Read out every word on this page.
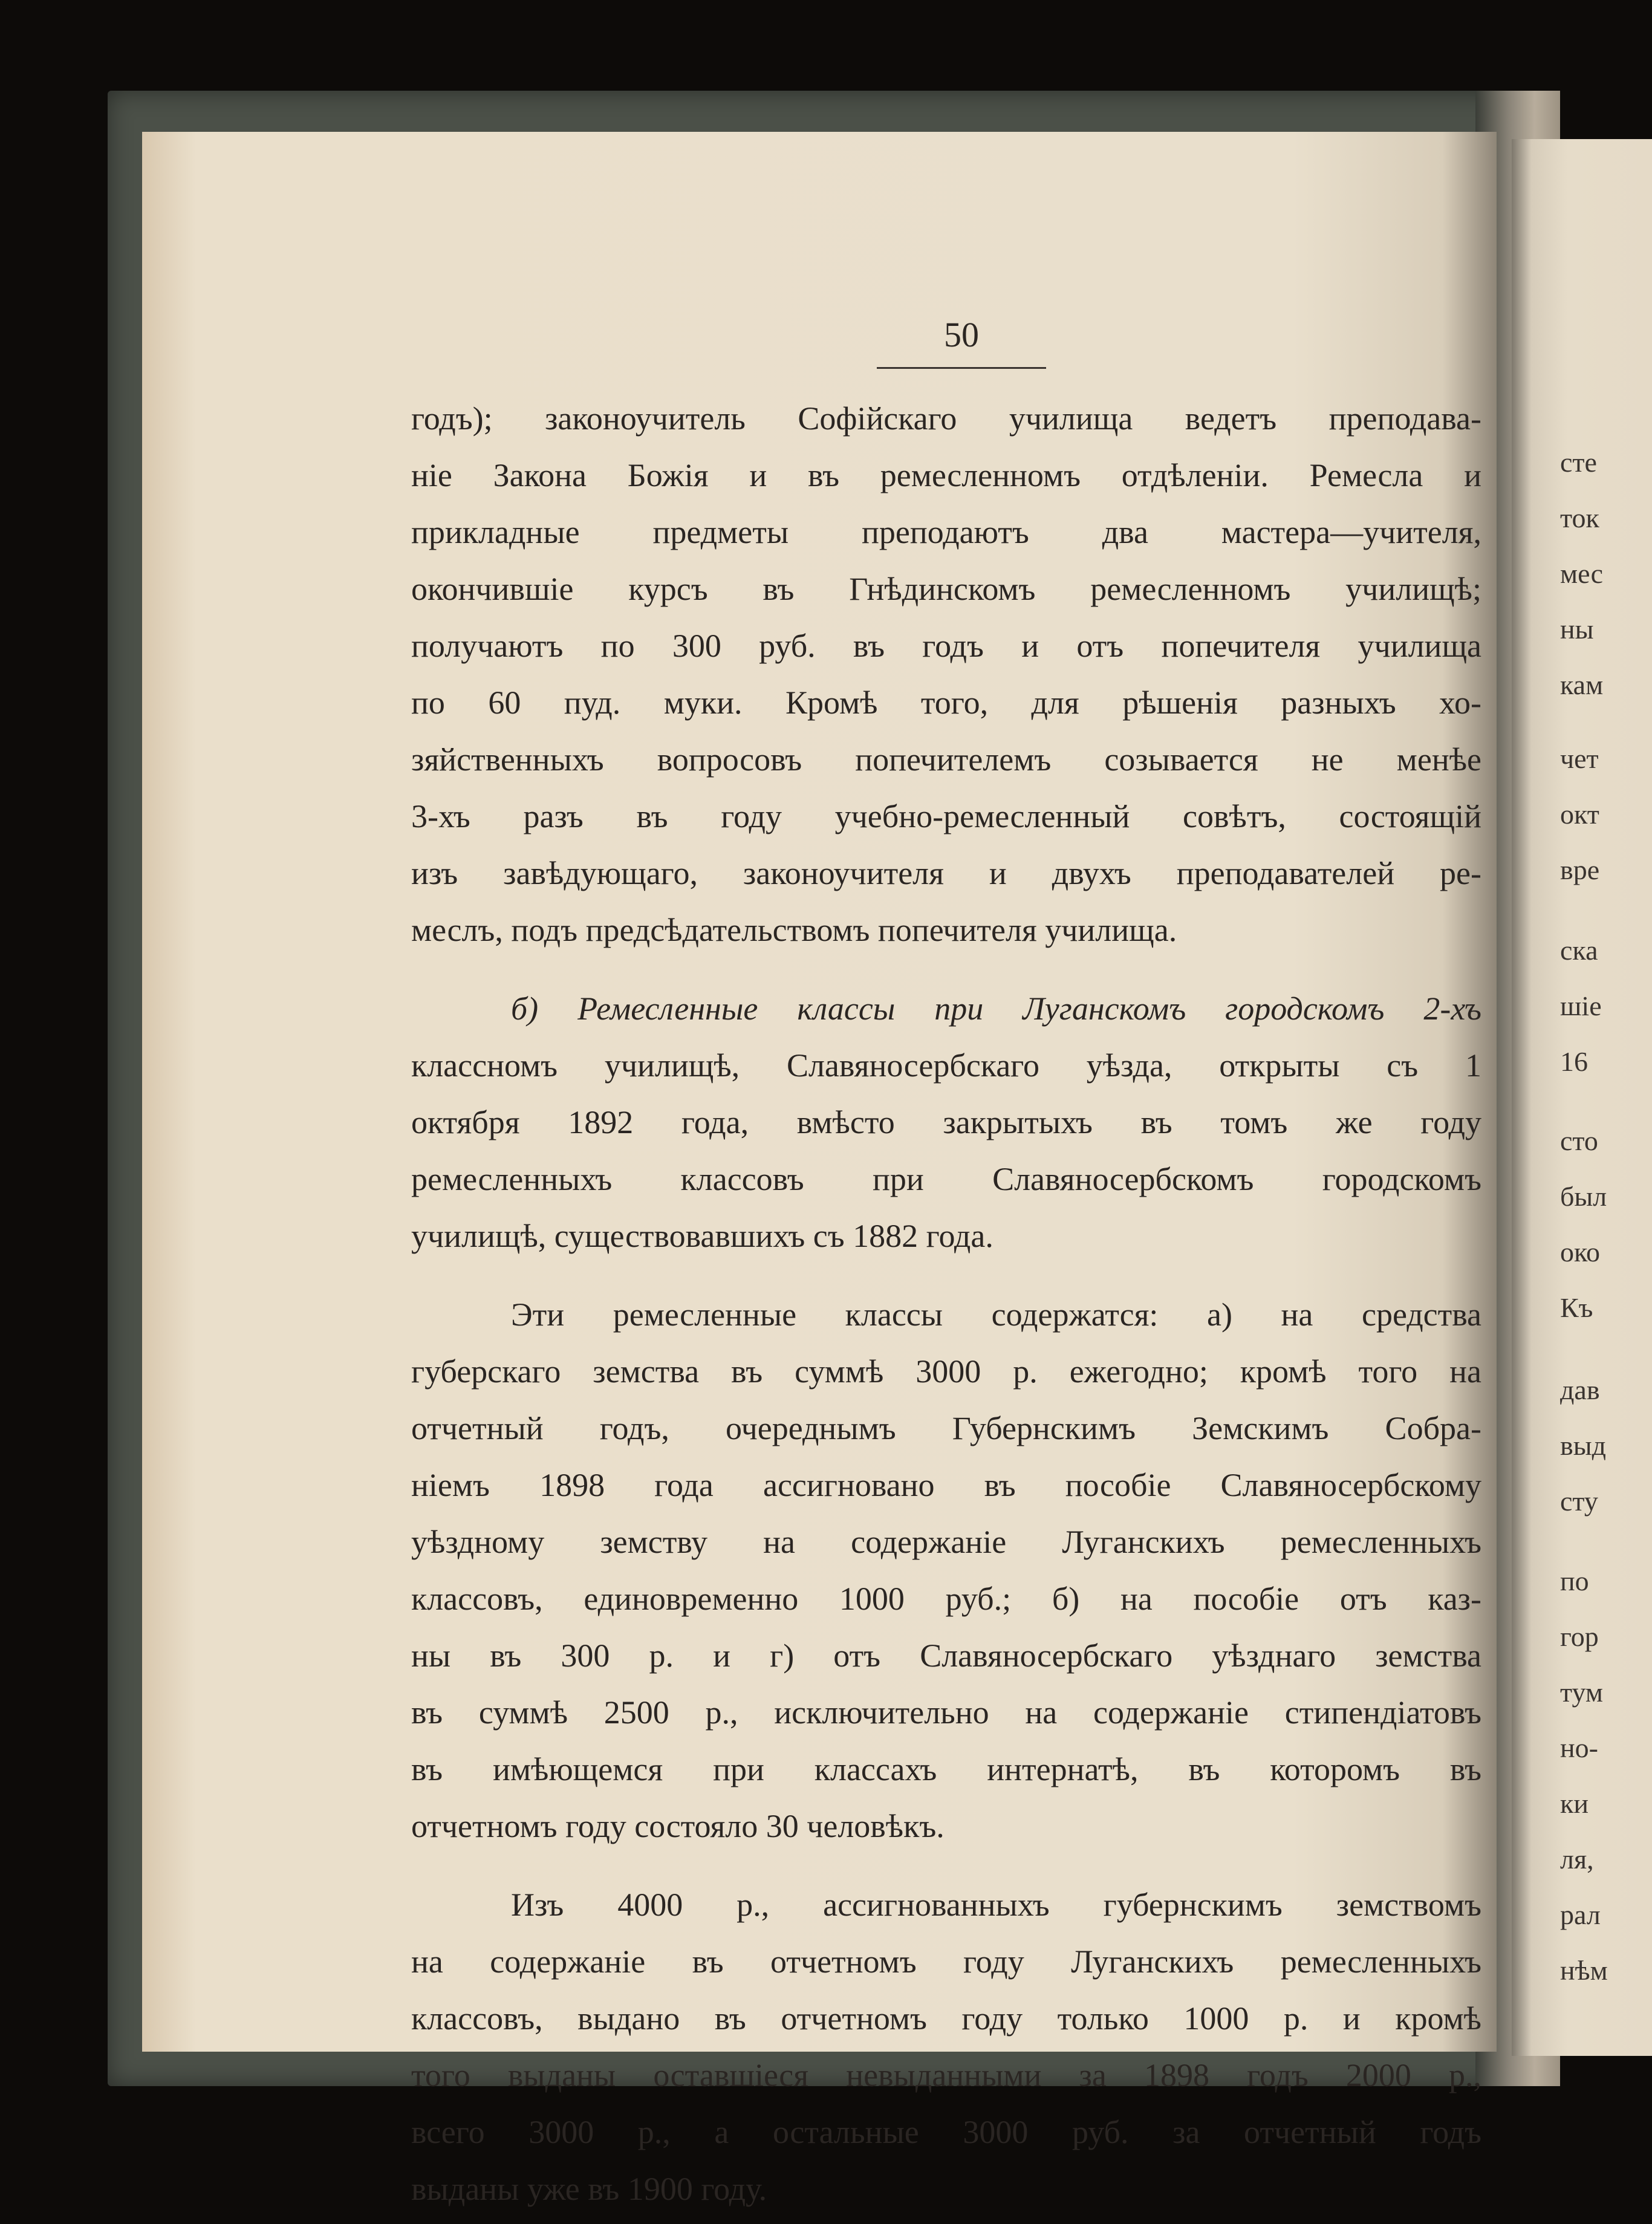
50
годъ); законоучитель Софійскаго училища ведетъ преподава-
ніе Закона Божія и въ ремесленномъ отдѣленіи. Ремесла и
прикладные предметы преподаютъ два мастера—учителя,
окончившіе курсъ въ Гнѣдинскомъ ремесленномъ училищѣ;
получаютъ по 300 руб. въ годъ и отъ попечителя училища
по 60 пуд. муки. Кромѣ того, для рѣшенія разныхъ хо-
зяйственныхъ вопросовъ попечителемъ созывается не менѣе
3-хъ разъ въ году учебно-ремесленный совѣтъ, состоящій
изъ завѣдующаго, законоучителя и двухъ преподавателей ре-
меслъ, подъ предсѣдательствомъ попечителя училища.
б) Ремесленные классы при Луганскомъ городскомъ 2-хъ
классномъ училищѣ, Славяносербскаго уѣзда, открыты съ 1
октября 1892 года, вмѣсто закрытыхъ въ томъ же году
ремесленныхъ классовъ при Славяносербскомъ городскомъ
училищѣ, существовавшихъ съ 1882 года.
Эти ремесленные классы содержатся: а) на средства
губерскаго земства въ суммѣ 3000 р. ежегодно; кромѣ того на
отчетный годъ, очереднымъ Губернскимъ Земскимъ Собра-
ніемъ 1898 года ассигновано въ пособіе Славяносербскому
уѣздному земству на содержаніе Луганскихъ ремесленныхъ
классовъ, единовременно 1000 руб.; б) на пособіе отъ каз-
ны въ 300 р. и г) отъ Славяносербскаго уѣзднаго земства
въ суммѣ 2500 р., исключительно на содержаніе стипендіатовъ
въ имѣющемся при классахъ интернатѣ, въ которомъ въ
отчетномъ году состояло 30 человѣкъ.
Изъ 4000 р., ассигнованныхъ губернскимъ земствомъ
на содержаніе въ отчетномъ году Луганскихъ ремесленныхъ
классовъ, выдано въ отчетномъ году только 1000 р. и кромѣ
того выданы оставшіеся невыданными за 1898 годъ 2000 р.,
всего 3000 р., а остальные 3000 руб. за отчетный годъ
выданы уже въ 1900 году.
сте
ток
мес
ны
кам
чет
окт
вре
ска
шіе
16
сто
был
око
Къ
дав
выд
сту
по
гор
тум
но-
ки
ля,
рал
нѣм
